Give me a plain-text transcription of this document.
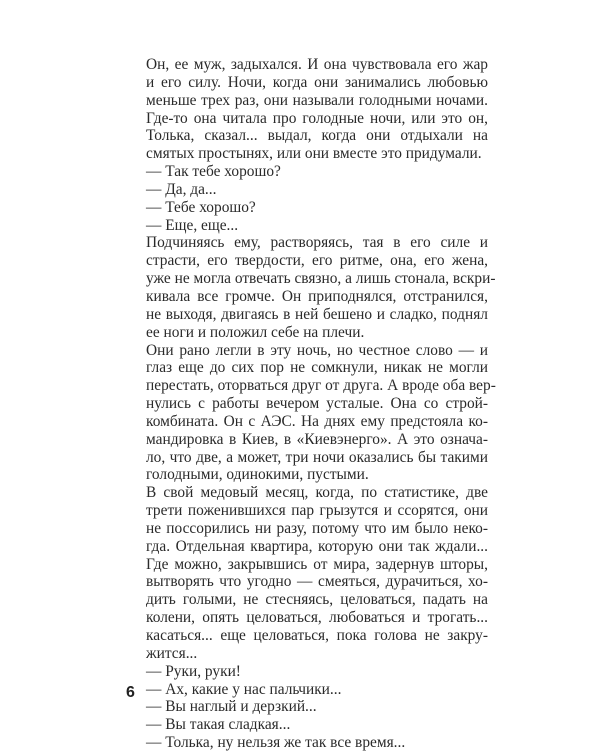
Он, ее муж, задыхался. И она чувствовала его жар
и его силу. Ночи, когда они занимались любовью
меньше трех раз, они называли голодными ночами.
Где-то она читала про голодные ночи, или это он,
Толька, сказал... выдал, когда они отдыхали на
смятых простынях, или они вместе это придумали.

— Так тебе хорошо?

— Да, да...

— Тебе хорошо?

— Еще, еще...

Подчиняясь ему, растворяясь, тая в его силе и
страсти, его твердости, его ритме, она, его жена,
уже не могла отвечать связно, а лишь стонала, вскри-
кивала все громче. Он приподнялся, отстранился,
не выходя, двигаясь в ней бешено и сладко, поднял
ее ноги и положил себе на плечи.

Они рано легли в эту ночь, но честное слово — и
глаз еще до сих пор не сомкнули, никак не могли
перестать, оторваться друг от друга. А вроде оба вер-
нулись с работы вечером усталые. Она со строй-
комбината. Он с АЭС. На днях ему предстояла ко-
мандировка в Киев, в «Киевэнерго». А это означа-
ло, что две, а может, три ночи оказались бы такими
голодными, одинокими, пустыми.

В свой медовый месяц, когда, по статистике, две
трети поженившихся пар грызутся и ссорятся, они
не поссорились ни разу, потому что им было неко-
гда. Отдельная квартира, которую они так ждали...
Где можно, закрывшись от мира, задернув шторы,
вытворять что угодно — смеяться, дурачиться, хо-
дить голыми, не стесняясь, целоваться, падать на
колени, опять целоваться, любоваться и трогать...
касаться... еще целоваться, пока голова не закру-
жится...

— Руки, руки!

— Ах, какие у нас пальчики...

— Вы наглый и дерзкий...

— Вы такая сладкая...

— Толька, ну нельзя же так все время...

6
